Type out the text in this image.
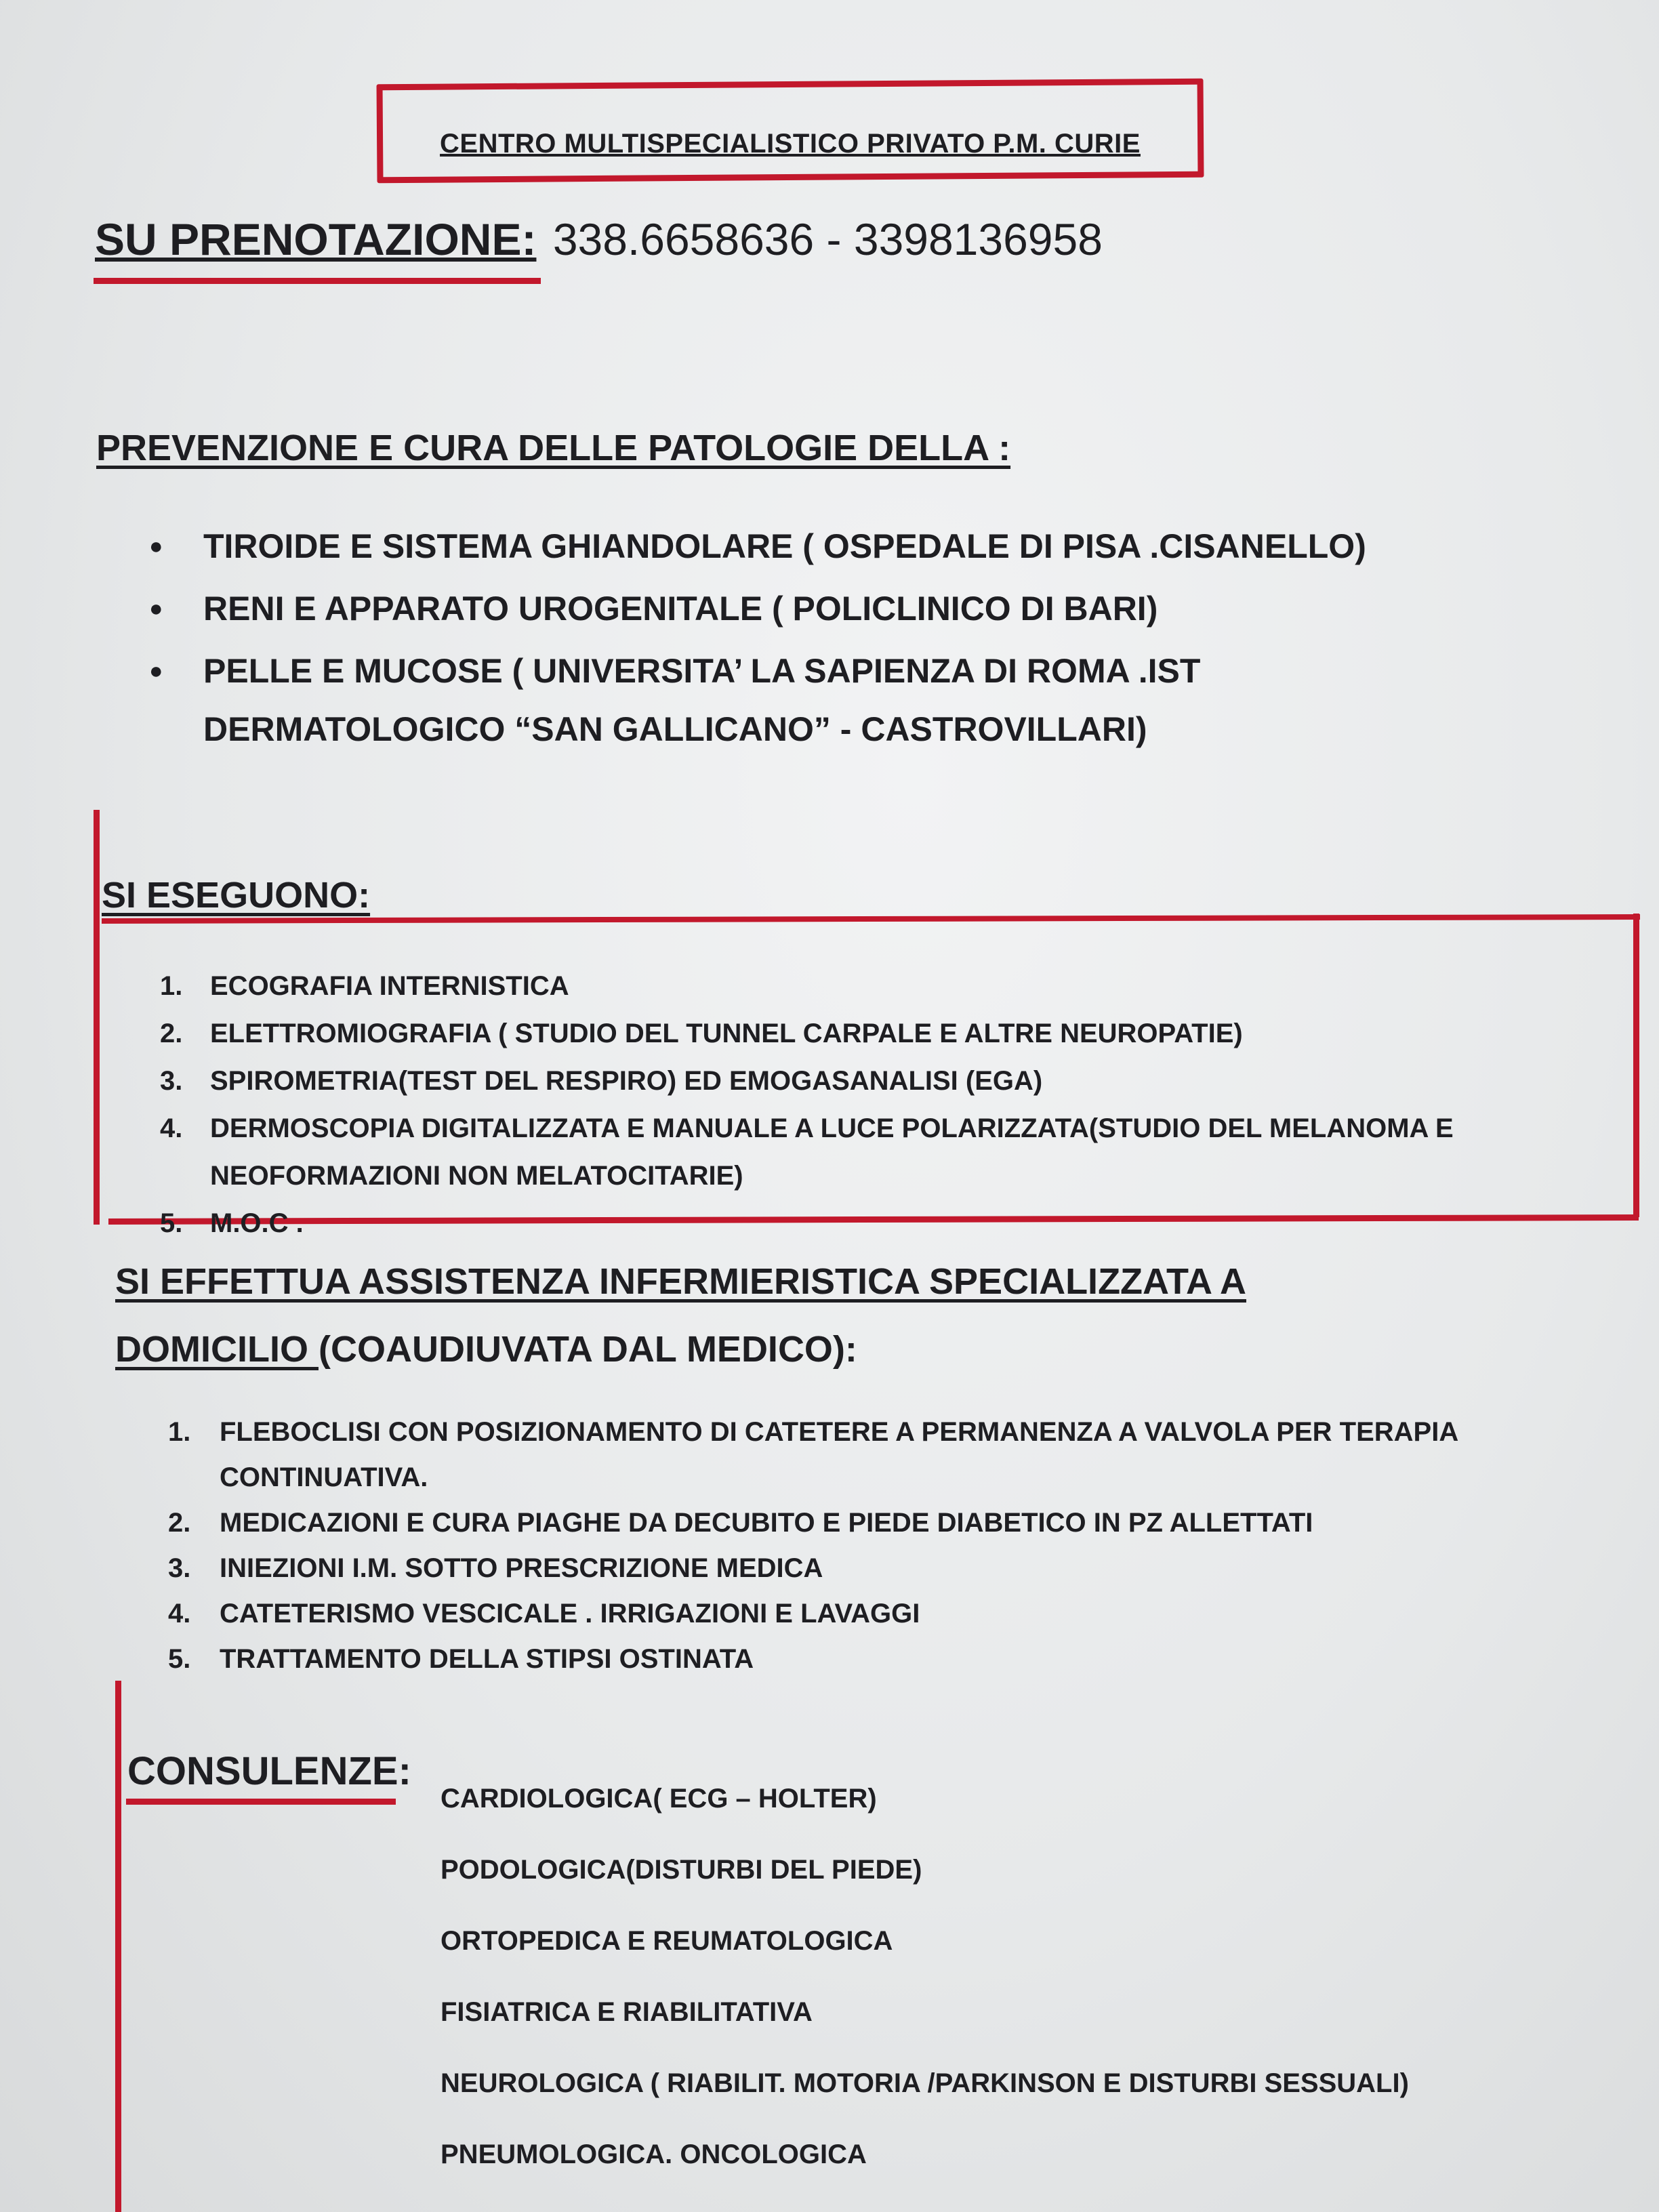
CENTRO MULTISPECIALISTICO PRIVATO P.M. CURIE
SU PRENOTAZIONE: 338.6658636 - 3398136958
PREVENZIONE E CURA DELLE PATOLOGIE DELLA :
● TIROIDE E SISTEMA GHIANDOLARE ( OSPEDALE DI PISA .CISANELLO)
● RENI E APPARATO UROGENITALE ( POLICLINICO DI BARI)
● PELLE E MUCOSE ( UNIVERSITA’ LA SAPIENZA DI ROMA .IST
DERMATOLOGICO “SAN GALLICANO” - CASTROVILLARI)
SI ESEGUONO:
1. ECOGRAFIA INTERNISTICA
2. ELETTROMIOGRAFIA ( STUDIO DEL TUNNEL CARPALE E ALTRE NEUROPATIE)
3. SPIROMETRIA(TEST DEL RESPIRO) ED EMOGASANALISI (EGA)
4. DERMOSCOPIA DIGITALIZZATA E MANUALE A LUCE POLARIZZATA(STUDIO DEL MELANOMA E
NEOFORMAZIONI NON MELATOCITARIE)
5. M.O.C .
SI EFFETTUA ASSISTENZA INFERMIERISTICA SPECIALIZZATA A
DOMICILIO (COAUDIUVATA DAL MEDICO):
1. FLEBOCLISI CON POSIZIONAMENTO DI CATETERE A PERMANENZA A VALVOLA PER TERAPIA
CONTINUATIVA.
2. MEDICAZIONI E CURA PIAGHE DA DECUBITO E PIEDE DIABETICO IN PZ ALLETTATI
3. INIEZIONI I.M. SOTTO PRESCRIZIONE MEDICA
4. CATETERISMO VESCICALE . IRRIGAZIONI E LAVAGGI
5. TRATTAMENTO DELLA STIPSI OSTINATA
CONSULENZE:
CARDIOLOGICA( ECG – HOLTER)
PODOLOGICA(DISTURBI DEL PIEDE)
ORTOPEDICA E REUMATOLOGICA
FISIATRICA E RIABILITATIVA
NEUROLOGICA ( RIABILIT. MOTORIA /PARKINSON E DISTURBI SESSUALI)
PNEUMOLOGICA. ONCOLOGICA
